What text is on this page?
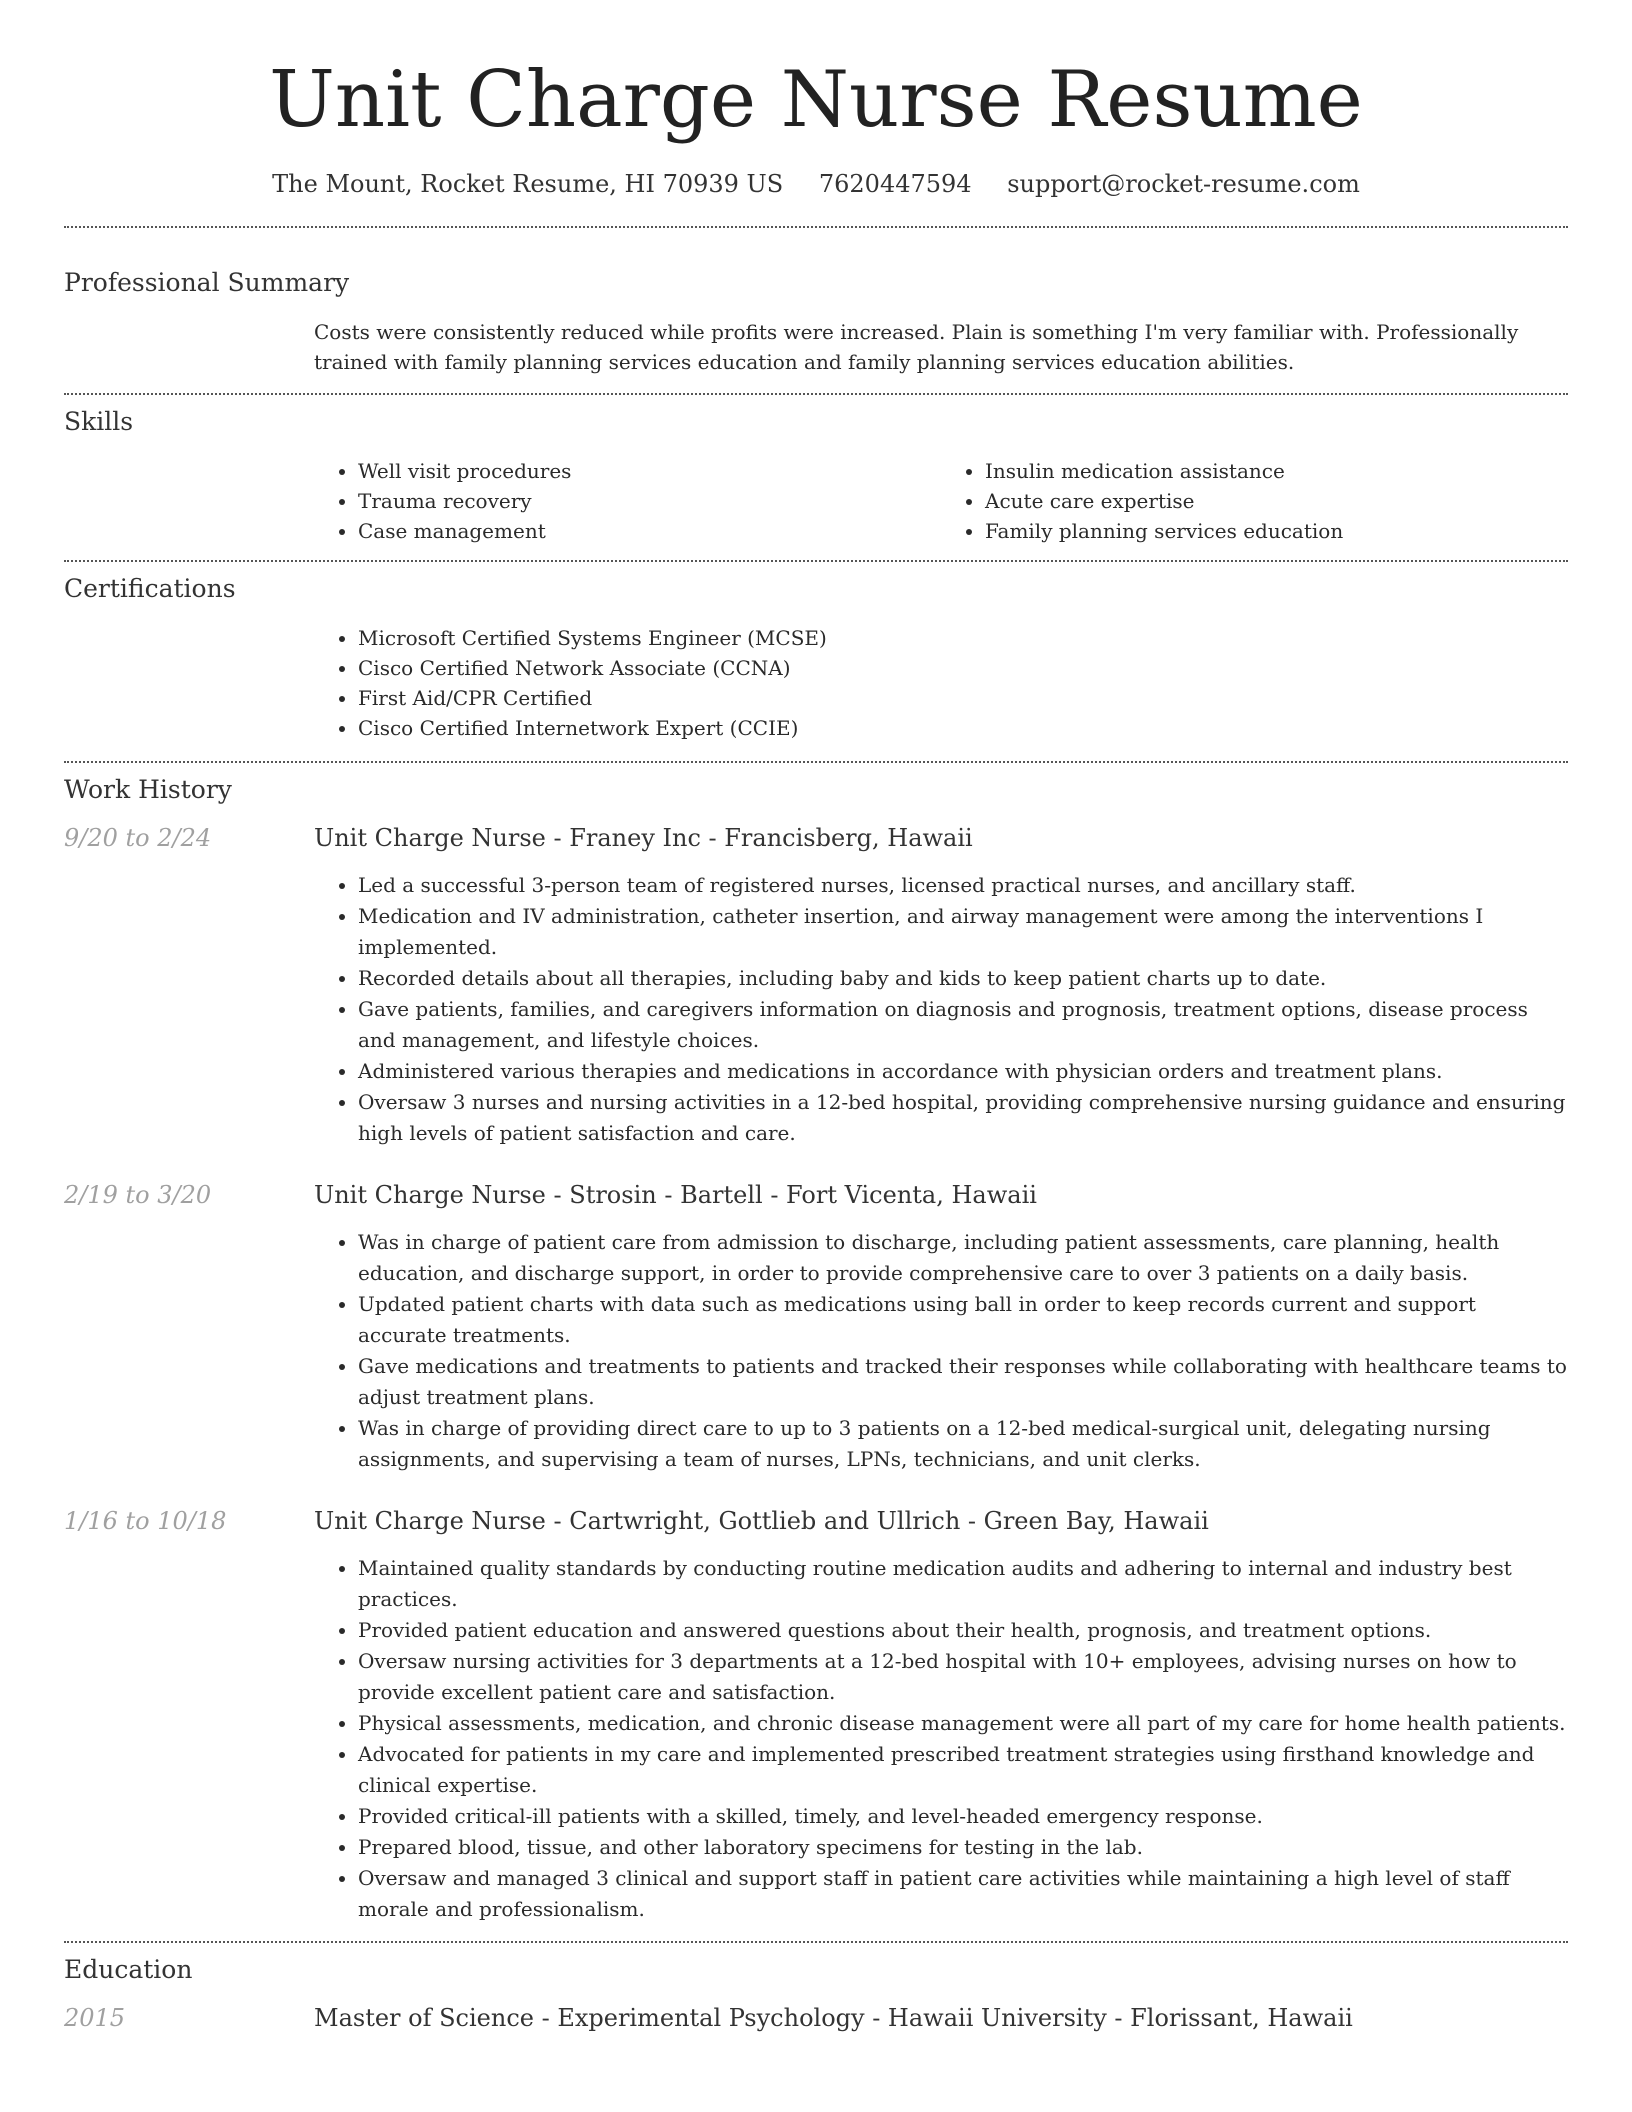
Unit Charge Nurse Resume
The Mount, Rocket Resume, HI 70939 US 7620447594 support@rocket-resume.com
Professional Summary

Costs were consistently reduced while profits were increased. Plain is something I'm very familiar with. Professionally trained with family planning services education and family planning services education abilities.

Skills
• Well visit procedures
• Trauma recovery
• Case management
• Insulin medication assistance
• Acute care expertise
• Family planning services education
Certifications
• Microsoft Certified Systems Engineer (MCSE)
• Cisco Certified Network Associate (CCNA)
• First Aid/CPR Certified
• Cisco Certified Internetwork Expert (CCIE)
Work History
9/20 to 2/24	Unit Charge Nurse - Franey Inc - Francisberg, Hawaii
• Led a successful 3-person team of registered nurses, licensed practical nurses, and ancillary staff.
• Medication and IV administration, catheter insertion, and airway management were among the interventions I implemented.
• Recorded details about all therapies, including baby and kids to keep patient charts up to date.
• Gave patients, families, and caregivers information on diagnosis and prognosis, treatment options, disease process and management, and lifestyle choices.
• Administered various therapies and medications in accordance with physician orders and treatment plans.
• Oversaw 3 nurses and nursing activities in a 12-bed hospital, providing comprehensive nursing guidance and ensuring high levels of patient satisfaction and care.
2/19 to 3/20	Unit Charge Nurse - Strosin - Bartell - Fort Vicenta, Hawaii
• Was in charge of patient care from admission to discharge, including patient assessments, care planning, health education, and discharge support, in order to provide comprehensive care to over 3 patients on a daily basis.
• Updated patient charts with data such as medications using ball in order to keep records current and support accurate treatments.
• Gave medications and treatments to patients and tracked their responses while collaborating with healthcare teams to adjust treatment plans.
• Was in charge of providing direct care to up to 3 patients on a 12-bed medical-surgical unit, delegating nursing assignments, and supervising a team of nurses, LPNs, technicians, and unit clerks.
1/16 to 10/18	Unit Charge Nurse - Cartwright, Gottlieb and Ullrich - Green Bay, Hawaii
• Maintained quality standards by conducting routine medication audits and adhering to internal and industry best practices.
• Provided patient education and answered questions about their health, prognosis, and treatment options.
• Oversaw nursing activities for 3 departments at a 12-bed hospital with 10+ employees, advising nurses on how to provide excellent patient care and satisfaction.
• Physical assessments, medication, and chronic disease management were all part of my care for home health patients.
• Advocated for patients in my care and implemented prescribed treatment strategies using firsthand knowledge and clinical expertise.
• Provided critical-ill patients with a skilled, timely, and level-headed emergency response.
• Prepared blood, tissue, and other laboratory specimens for testing in the lab.
• Oversaw and managed 3 clinical and support staff in patient care activities while maintaining a high level of staff morale and professionalism.
Education
2015	Master of Science - Experimental Psychology - Hawaii University - Florissant, Hawaii
